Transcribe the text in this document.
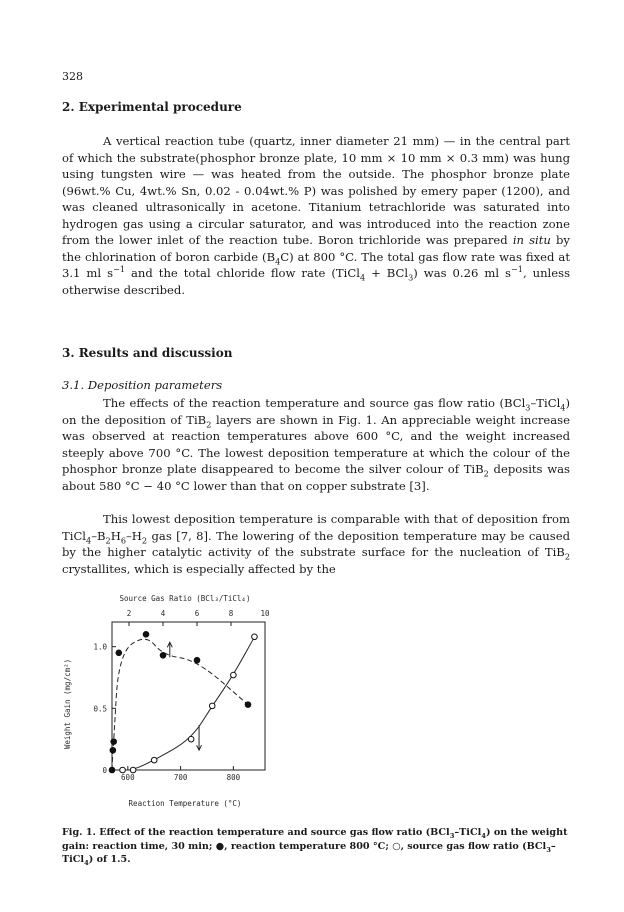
328
2. Experimental procedure

A vertical reaction tube (quartz, inner diameter 21 mm) — in the central part of which the substrate(phosphor bronze plate, 10 mm × 10 mm × 0.3 mm) was hung using tungsten wire — was heated from the outside. The phosphor bronze plate (96wt.% Cu, 4wt.% Sn, 0.02 - 0.04wt.% P) was polished by emery paper (1200), and was cleaned ultrasonically in acetone. Titanium tetrachloride was saturated into hydrogen gas using a circular saturator, and was introduced into the reaction zone from the lower inlet of the reaction tube. Boron trichloride was prepared in situ by the chlorination of boron carbide $(B_4C)$ at 800 °C. The total gas flow rate was fixed at 3.1 ml $s^{-1}$ and the total chloride flow rate (TiCl$_4$ + BCl$_3$) was 0.26 ml $s^{-1}$, unless otherwise described.

3. Results and discussion
3.1. Deposition parameters

The effects of the reaction temperature and source gas flow ratio (BCl$_3$–TiCl$_4$) on the deposition of TiB$_2$ layers are shown in Fig. 1. An appreciable weight increase was observed at reaction temperatures above 600 °C, and the weight increased steeply above 700 °C. The lowest deposition temperature at which the colour of the phosphor bronze plate disappeared to become the silver colour of TiB$_2$ deposits was about 580 °C − 40 °C lower than that on copper substrate [3].

This lowest deposition temperature is comparable with that of deposition from $TiCl_4-B_2H_6-H_2$ gas [7, 8]. The lowering of the deposition temperature may be caused by the higher catalytic activity of the substrate surface for the nucleation of TiB$_2$ crystallites, which is especially affected by the

2	4	6	8	10
600	700	800
0
0.5
1.0
Source Gas Ratio (BCl₃/TiCl₄)
Reaction Temperature (°C)
Weight Gain (mg/cm²)

Fig. 1. Effect of the reaction temperature and source gas flow ratio (BCl$_3$–TiCl$_4$) on the weight gain: reaction time, 30 min; ●, reaction temperature 800 °C; ○, source gas flow ratio (BCl$_3$–TiCl$_4$) of 1.5.
